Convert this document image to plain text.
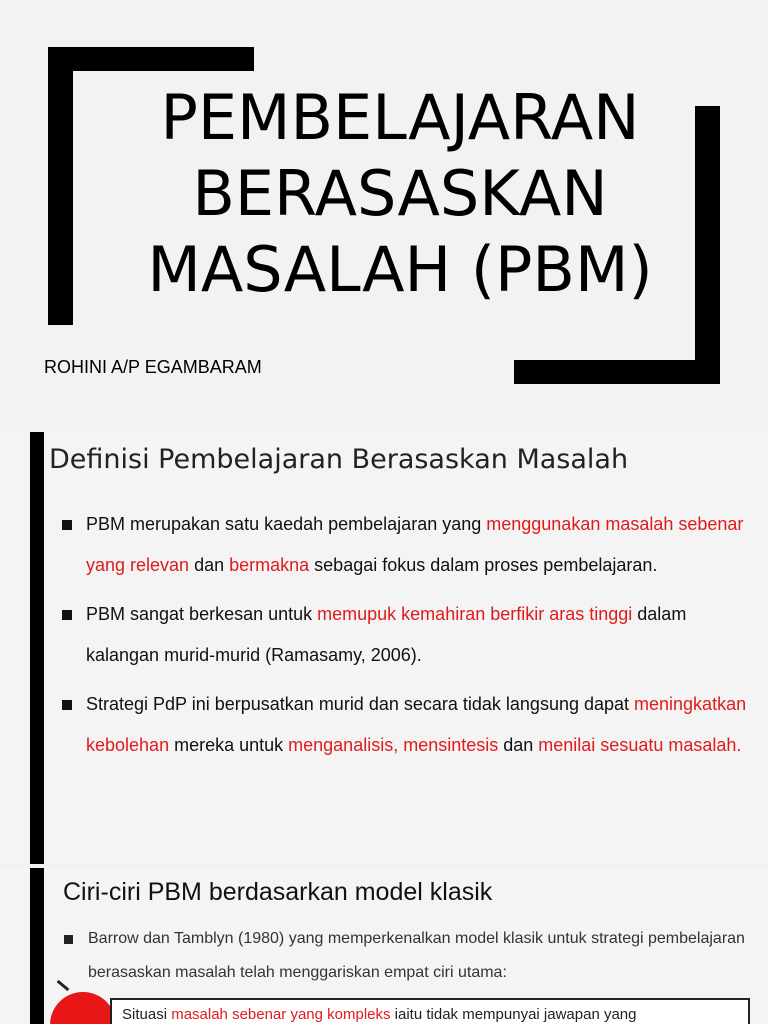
PEMBELAJARAN
BERASASKAN
MASALAH (PBM)
ROHINI A/P EGAMBARAM
Definisi Pembelajaran Berasaskan Masalah
PBM merupakan satu kaedah pembelajaran yang menggunakan masalah sebenar yang relevan dan bermakna sebagai fokus dalam proses pembelajaran.
PBM sangat berkesan untuk memupuk kemahiran berfikir aras tinggi dalam kalangan murid-murid (Ramasamy, 2006).
Strategi PdP ini berpusatkan murid dan secara tidak langsung dapat meningkatkan kebolehan mereka untuk menganalisis, mensintesis dan menilai sesuatu masalah.
Ciri-ciri PBM berdasarkan model klasik
Barrow dan Tamblyn (1980) yang memperkenalkan model klasik untuk strategi pembelajaran berasaskan masalah telah menggariskan empat ciri utama:
Situasi masalah sebenar yang kompleks iaitu tidak mempunyai jawapan yang
